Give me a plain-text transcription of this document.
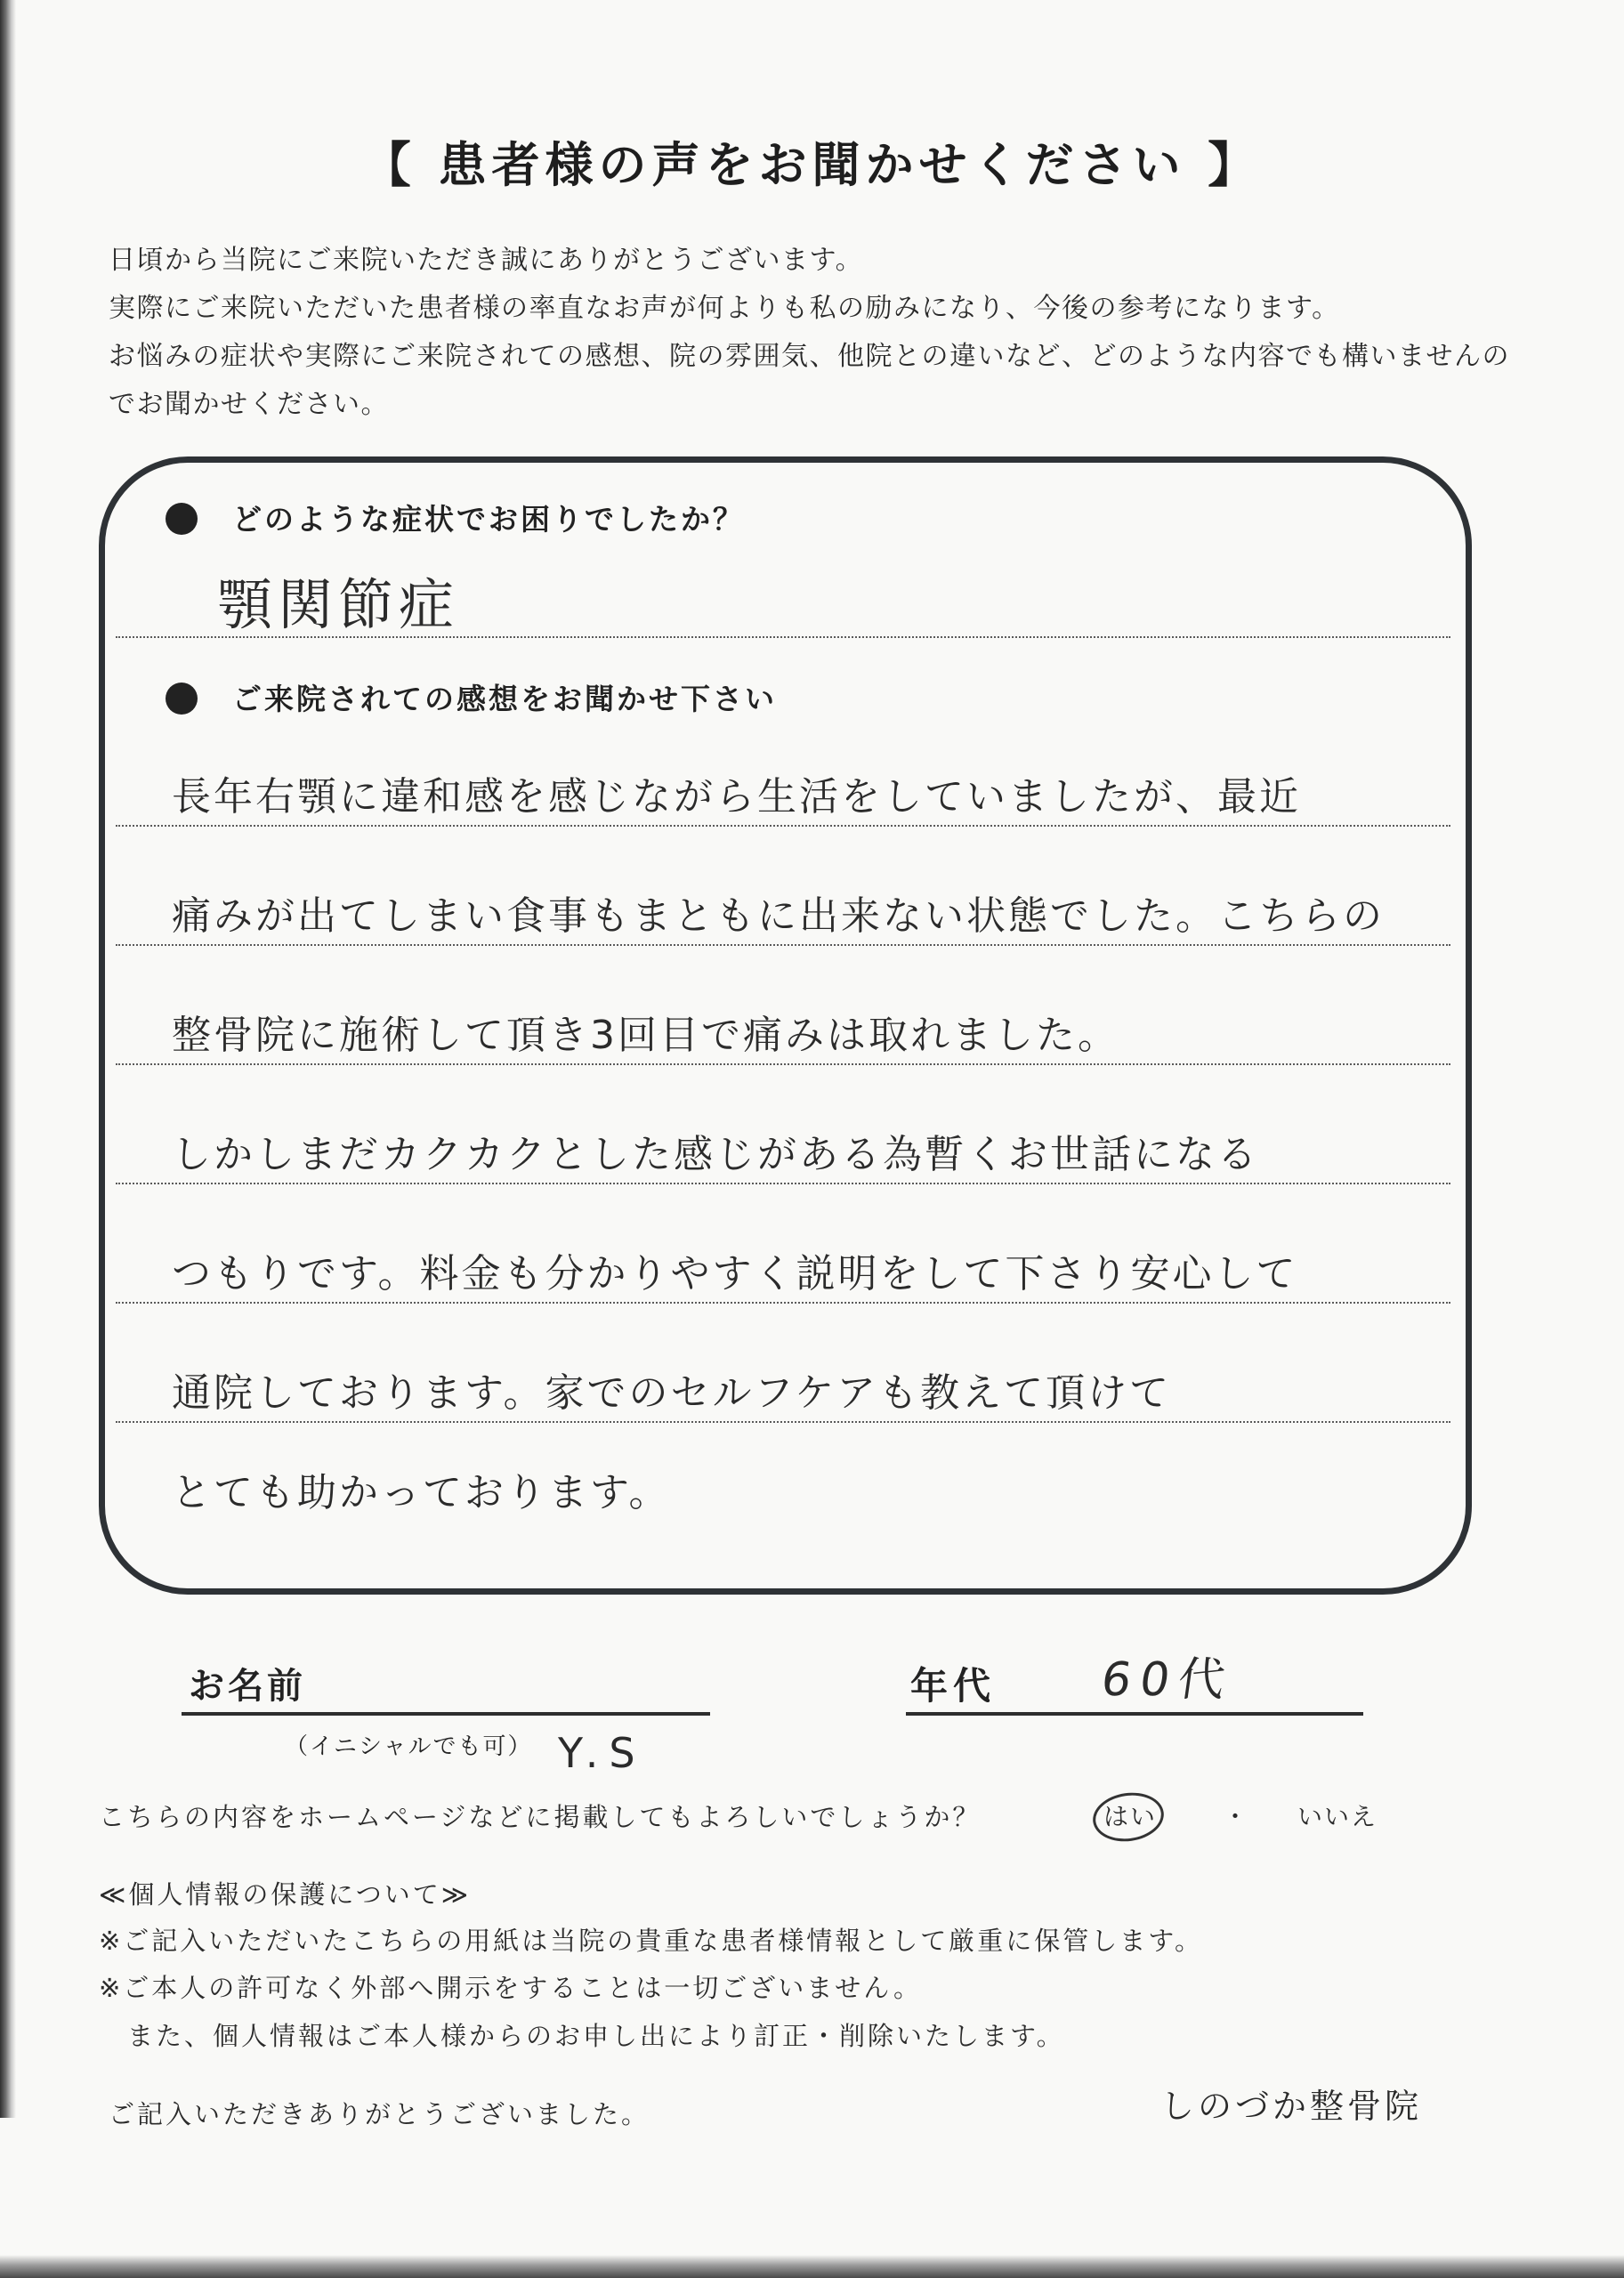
【 患者様の声をお聞かせください 】
日頃から当院にご来院いただき誠にありがとうございます。
実際にご来院いただいた患者様の率直なお声が何よりも私の励みになり、今後の参考になります。
お悩みの症状や実際にご来院されての感想、院の雰囲気、他院との違いなど、どのような内容でも構いませんの
でお聞かせください。
どのような症状でお困りでしたか？
顎関節症
ご来院されての感想をお聞かせ下さい
長年右顎に違和感を感じながら生活をしていましたが、最近
痛みが出てしまい食事もまともに出来ない状態でした。こちらの
整骨院に施術して頂き3回目で痛みは取れました。
しかしまだカクカクとした感じがある為暫くお世話になる
つもりです。料金も分かりやすく説明をして下さり安心して
通院しております。家でのセルフケアも教えて頂けて
とても助かっております。
お名前
（イニシャルでも可） Y.S
年代 60代
こちらの内容をホームページなどに掲載してもよろしいでしょうか？	はい	・ いいえ
≪個人情報の保護について≫
※ご記入いただいたこちらの用紙は当院の貴重な患者様情報として厳重に保管します。
※ご本人の許可なく外部へ開示をすることは一切ございません。
また、個人情報はご本人様からのお申し出により訂正・削除いたします。
ご記入いただきありがとうございました。	しのづか整骨院
